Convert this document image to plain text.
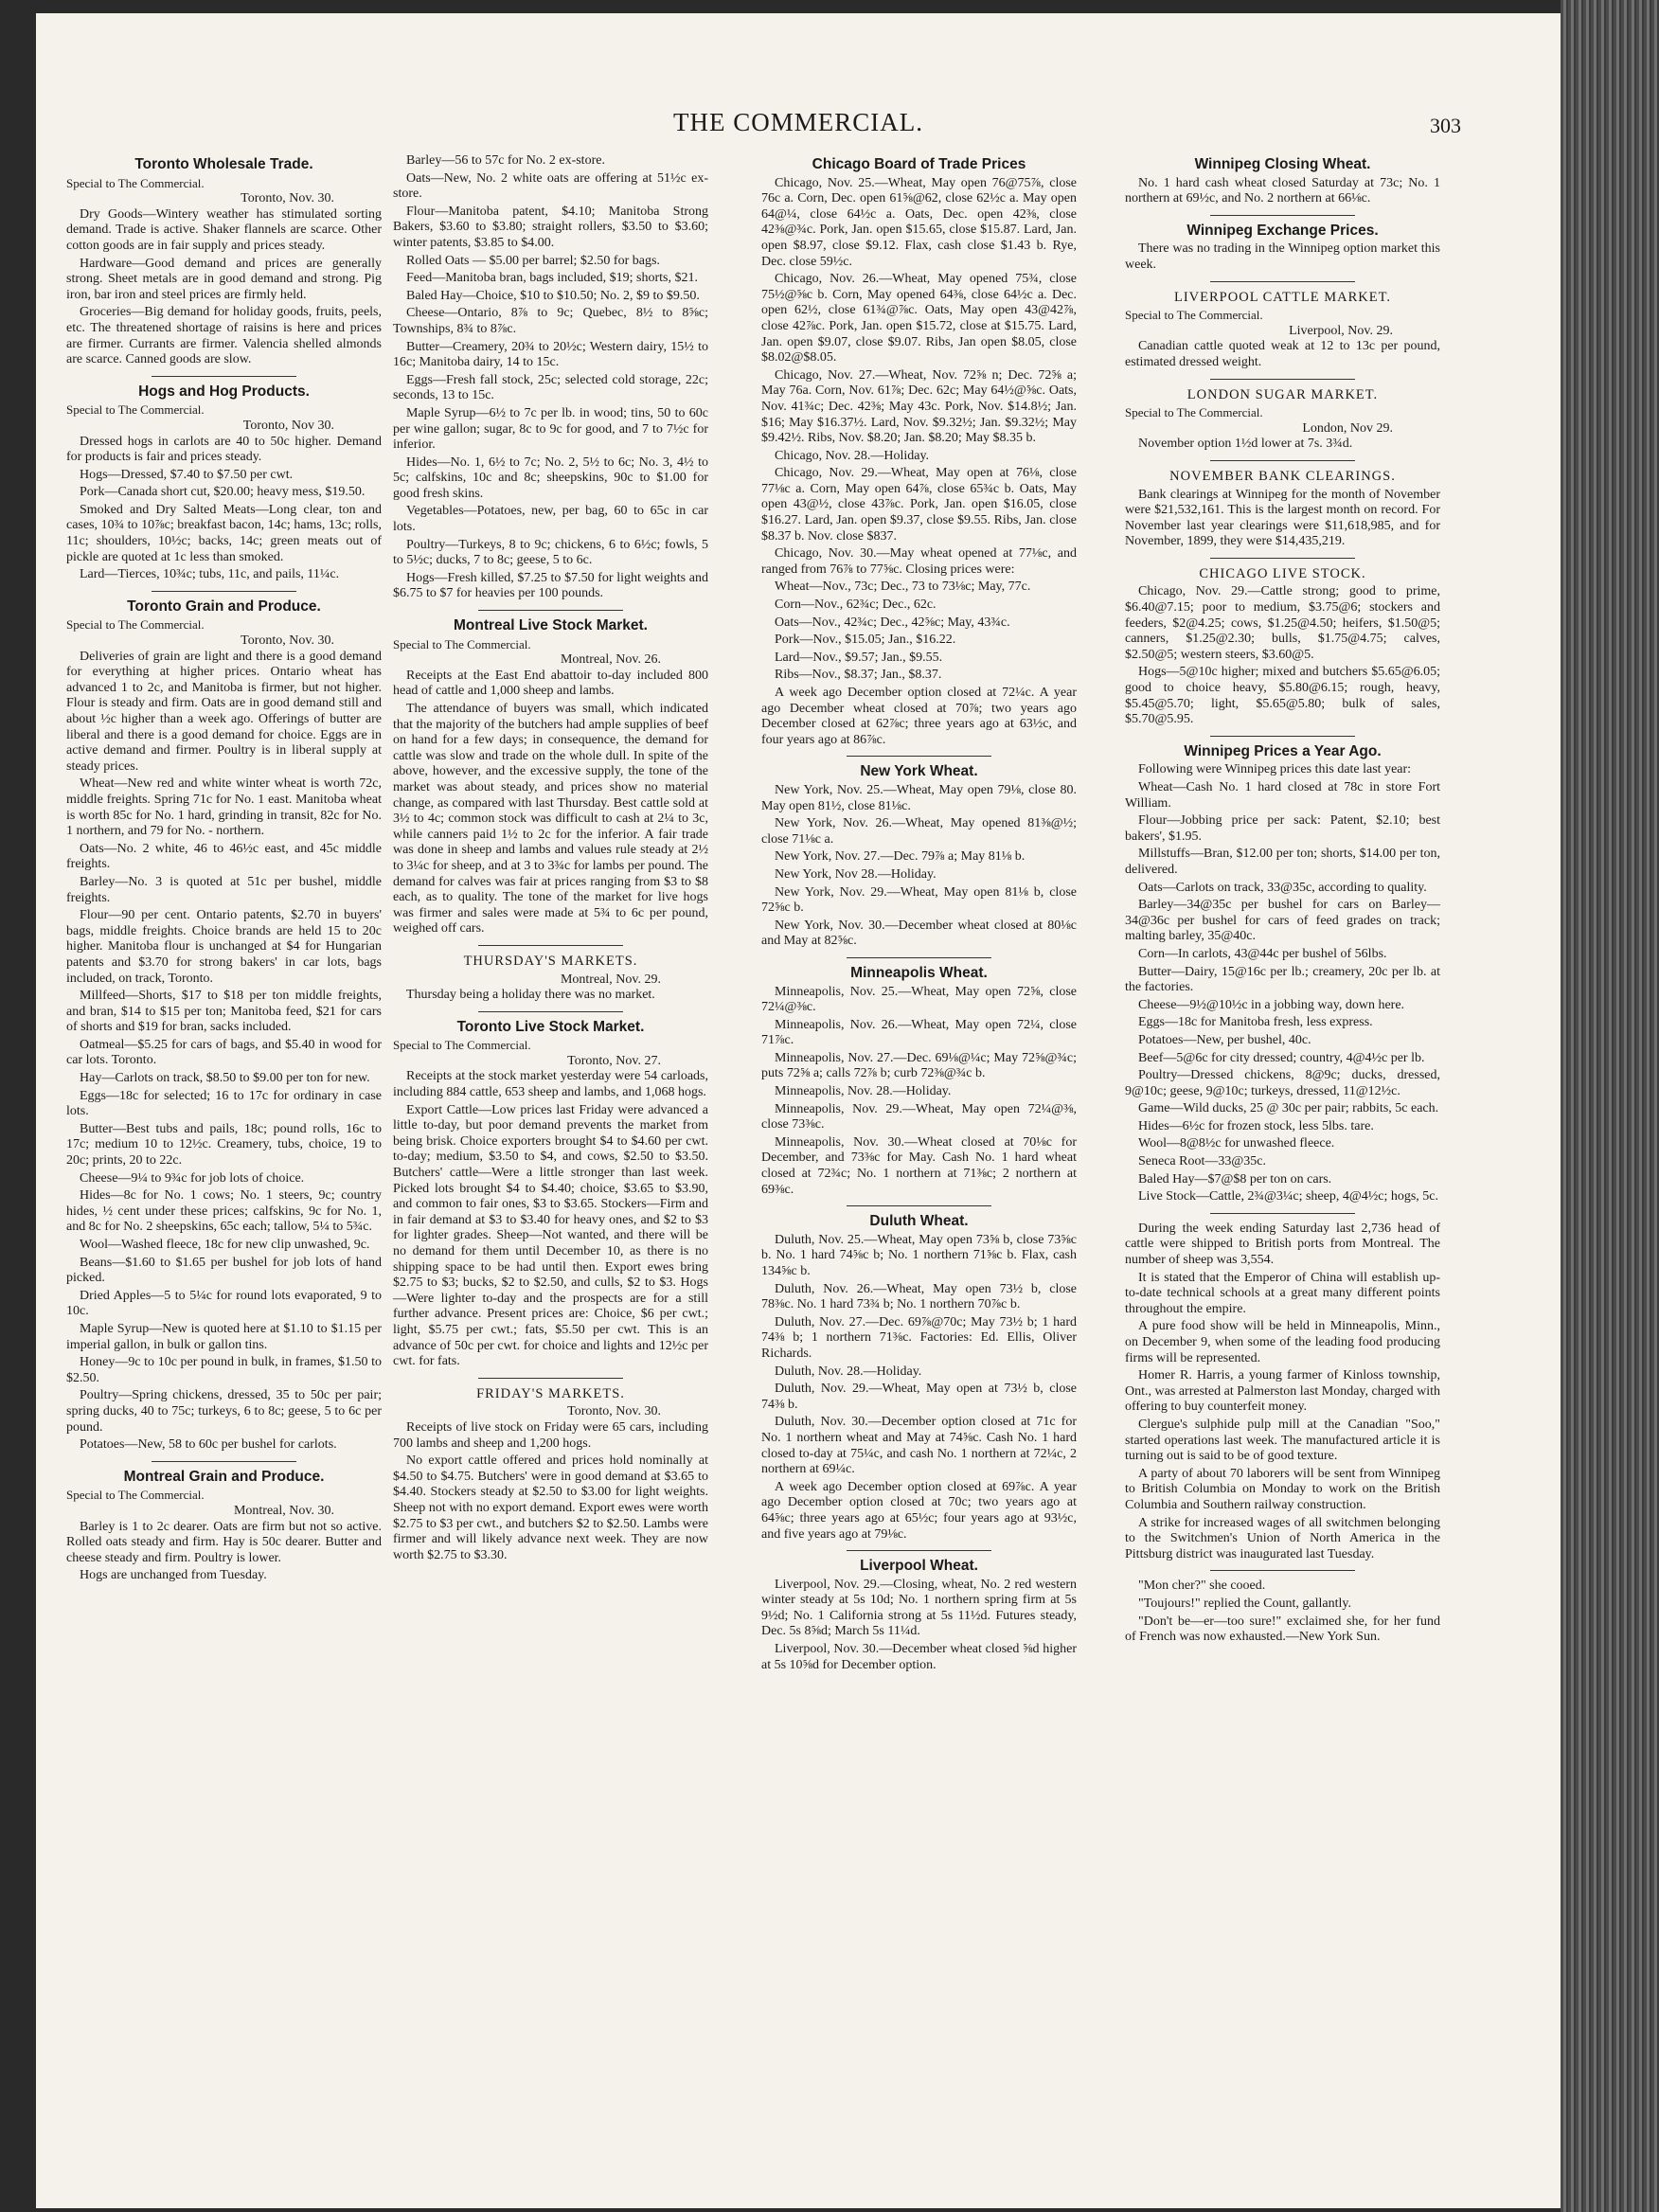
THE COMMERCIAL.	303
Toronto Wholesale Trade.

Special to The Commercial.

Toronto, Nov. 30.

Dry Goods—Wintery weather has stimulated sorting demand. Trade is active. Shaker flannels are scarce. Other cotton goods are in fair supply and prices steady.

Hardware—Good demand and prices are generally strong. Sheet metals are in good demand and strong. Pig iron, bar iron and steel prices are firmly held.

Groceries—Big demand for holiday goods, fruits, peels, etc. The threatened shortage of raisins is here and prices are firmer. Currants are firmer. Valencia shelled almonds are scarce. Canned goods are slow.

Hogs and Hog Products.

Special to The Commercial.

Toronto, Nov 30.

Dressed hogs in carlots are 40 to 50c higher. Demand for products is fair and prices steady.

Hogs—Dressed, $7.40 to $7.50 per cwt.

Pork—Canada short cut, $20.00; heavy mess, $19.50.

Smoked and Dry Salted Meats—Long clear, ton and cases, 10¾ to 10⅞c; breakfast bacon, 14c; hams, 13c; rolls, 11c; shoulders, 10½c; backs, 14c; green meats out of pickle are quoted at 1c less than smoked.

Lard—Tierces, 10¾c; tubs, 11c, and pails, 11¼c.

Toronto Grain and Produce.

Special to The Commercial.

Toronto, Nov. 30.

Deliveries of grain are light and there is a good demand for everything at higher prices. Ontario wheat has advanced 1 to 2c, and Manitoba is firmer, but not higher. Flour is steady and firm. Oats are in good demand still and about ½c higher than a week ago. Offerings of butter are liberal and there is a good demand for choice. Eggs are in active demand and firmer. Poultry is in liberal supply at steady prices.

Wheat—New red and white winter wheat is worth 72c, middle freights. Spring 71c for No. 1 east. Manitoba wheat is worth 85c for No. 1 hard, grinding in transit, 82c for No. 1 northern, and 79 for No. - northern.

Oats—No. 2 white, 46 to 46½c east, and 45c middle freights.

Barley—No. 3 is quoted at 51c per bushel, middle freights.

Flour—90 per cent. Ontario patents, $2.70 in buyers' bags, middle freights. Choice brands are held 15 to 20c higher. Manitoba flour is unchanged at $4 for Hungarian patents and $3.70 for strong bakers' in car lots, bags included, on track, Toronto.

Millfeed—Shorts, $17 to $18 per ton middle freights, and bran, $14 to $15 per ton; Manitoba feed, $21 for cars of shorts and $19 for bran, sacks included.

Oatmeal—$5.25 for cars of bags, and $5.40 in wood for car lots. Toronto.

Hay—Carlots on track, $8.50 to $9.00 per ton for new.

Eggs—18c for selected; 16 to 17c for ordinary in case lots.

Butter—Best tubs and pails, 18c; pound rolls, 16c to 17c; medium 10 to 12½c. Creamery, tubs, choice, 19 to 20c; prints, 20 to 22c.

Cheese—9¼ to 9¾c for job lots of choice.

Hides—8c for No. 1 cows; No. 1 steers, 9c; country hides, ½ cent under these prices; calfskins, 9c for No. 1, and 8c for No. 2 sheepskins, 65c each; tallow, 5¼ to 5¾c.

Wool—Washed fleece, 18c for new clip unwashed, 9c.

Beans—$1.60 to $1.65 per bushel for job lots of hand picked.

Dried Apples—5 to 5¼c for round lots evaporated, 9 to 10c.

Maple Syrup—New is quoted here at $1.10 to $1.15 per imperial gallon, in bulk or gallon tins.

Honey—9c to 10c per pound in bulk, in frames, $1.50 to $2.50.

Poultry—Spring chickens, dressed, 35 to 50c per pair; spring ducks, 40 to 75c; turkeys, 6 to 8c; geese, 5 to 6c per pound.

Potatoes—New, 58 to 60c per bushel for carlots.

Montreal Grain and Produce.

Special to The Commercial.

Montreal, Nov. 30.

Barley is 1 to 2c dearer. Oats are firm but not so active. Rolled oats steady and firm. Hay is 50c dearer. Butter and cheese steady and firm. Poultry is lower.

Hogs are unchanged from Tuesday.

Barley—56 to 57c for No. 2 ex-store.

Oats—New, No. 2 white oats are offering at 51½c ex-store.

Flour—Manitoba patent, $4.10; Manitoba Strong Bakers, $3.60 to $3.80; straight rollers, $3.50 to $3.60; winter patents, $3.85 to $4.00.

Rolled Oats — $5.00 per barrel; $2.50 for bags.

Feed—Manitoba bran, bags included, $19; shorts, $21.

Baled Hay—Choice, $10 to $10.50; No. 2, $9 to $9.50.

Cheese—Ontario, 8⅞ to 9c; Quebec, 8½ to 8⅝c; Townships, 8¾ to 8⅞c.

Butter—Creamery, 20¾ to 20½c; Western dairy, 15½ to 16c; Manitoba dairy, 14 to 15c.

Eggs—Fresh fall stock, 25c; selected cold storage, 22c; seconds, 13 to 15c.

Maple Syrup—6½ to 7c per lb. in wood; tins, 50 to 60c per wine gallon; sugar, 8c to 9c for good, and 7 to 7½c for inferior.

Hides—No. 1, 6½ to 7c; No. 2, 5½ to 6c; No. 3, 4½ to 5c; calfskins, 10c and 8c; sheepskins, 90c to $1.00 for good fresh skins.

Vegetables—Potatoes, new, per bag, 60 to 65c in car lots.

Poultry—Turkeys, 8 to 9c; chickens, 6 to 6½c; fowls, 5 to 5½c; ducks, 7 to 8c; geese, 5 to 6c.

Hogs—Fresh killed, $7.25 to $7.50 for light weights and $6.75 to $7 for heavies per 100 pounds.

Montreal Live Stock Market.

Special to The Commercial.

Montreal, Nov. 26.

Receipts at the East End abattoir to-day included 800 head of cattle and 1,000 sheep and lambs.

The attendance of buyers was small, which indicated that the majority of the butchers had ample supplies of beef on hand for a few days; in consequence, the demand for cattle was slow and trade on the whole dull. In spite of the above, however, and the excessive supply, the tone of the market was about steady, and prices show no material change, as compared with last Thursday. Best cattle sold at 3½ to 4c; common stock was difficult to cash at 2¼ to 3c, while canners paid 1½ to 2c for the inferior. A fair trade was done in sheep and lambs and values rule steady at 2½ to 3¼c for sheep, and at 3 to 3¾c for lambs per pound. The demand for calves was fair at prices ranging from $3 to $8 each, as to quality. The tone of the market for live hogs was firmer and sales were made at 5¾ to 6c per pound, weighed off cars.

THURSDAY'S MARKETS.

Montreal, Nov. 29.

Thursday being a holiday there was no market.

Toronto Live Stock Market.

Special to The Commercial.

Toronto, Nov. 27.

Receipts at the stock market yesterday were 54 carloads, including 884 cattle, 653 sheep and lambs, and 1,068 hogs.

Export Cattle—Low prices last Friday were advanced a little to-day, but poor demand prevents the market from being brisk. Choice exporters brought $4 to $4.60 per cwt. to-day; medium, $3.50 to $4, and cows, $2.50 to $3.50. Butchers' cattle—Were a little stronger than last week. Picked lots brought $4 to $4.40; choice, $3.65 to $3.90, and common to fair ones, $3 to $3.65. Stockers—Firm and in fair demand at $3 to $3.40 for heavy ones, and $2 to $3 for lighter grades. Sheep—Not wanted, and there will be no demand for them until December 10, as there is no shipping space to be had until then. Export ewes bring $2.75 to $3; bucks, $2 to $2.50, and culls, $2 to $3. Hogs—Were lighter to-day and the prospects are for a still further advance. Present prices are: Choice, $6 per cwt.; light, $5.75 per cwt.; fats, $5.50 per cwt. This is an advance of 50c per cwt. for choice and lights and 12½c per cwt. for fats.

FRIDAY'S MARKETS.

Toronto, Nov. 30.

Receipts of live stock on Friday were 65 cars, including 700 lambs and sheep and 1,200 hogs.

No export cattle offered and prices hold nominally at $4.50 to $4.75. Butchers' were in good demand at $3.65 to $4.40. Stockers steady at $2.50 to $3.00 for light weights. Sheep not with no export demand. Export ewes were worth $2.75 to $3 per cwt., and butchers $2 to $2.50. Lambs were firmer and will likely advance next week. They are now worth $2.75 to $3.30.

Chicago Board of Trade Prices

Chicago, Nov. 25.—Wheat, May open 76@75⅞, close 76c a. Corn, Dec. open 61⅝@62, close 62½c a. May open 64@¼, close 64½c a. Oats, Dec. open 42⅜, close 42⅜@¾c. Pork, Jan. open $15.65, close $15.87. Lard, Jan. open $8.97, close $9.12. Flax, cash close $1.43 b. Rye, Dec. close 59½c.

Chicago, Nov. 26.—Wheat, May opened 75¾, close 75½@⅝c b. Corn, May opened 64⅜, close 64½c a. Dec. open 62½, close 61¾@⅞c. Oats, May open 43@42⅞, close 42⅞c. Pork, Jan. open $15.72, close at $15.75. Lard, Jan. open $9.07, close $9.07. Ribs, Jan open $8.05, close $8.02@$8.05.

Chicago, Nov. 27.—Wheat, Nov. 72⅝ n; Dec. 72⅝ a; May 76a. Corn, Nov. 61⅞; Dec. 62c; May 64½@⅝c. Oats, Nov. 41¾c; Dec. 42⅜; May 43c. Pork, Nov. $14.8½; Jan. $16; May $16.37½. Lard, Nov. $9.32½; Jan. $9.32½; May $9.42½. Ribs, Nov. $8.20; Jan. $8.20; May $8.35 b.

Chicago, Nov. 28.—Holiday.

Chicago, Nov. 29.—Wheat, May open at 76⅛, close 77⅛c a. Corn, May open 64⅞, close 65¾c b. Oats, May open 43@½, close 43⅞c. Pork, Jan. open $16.05, close $16.27. Lard, Jan. open $9.37, close $9.55. Ribs, Jan. close $8.37 b. Nov. close $837.

Chicago, Nov. 30.—May wheat opened at 77⅛c, and ranged from 76⅞ to 77⅝c. Closing prices were:

Wheat—Nov., 73c; Dec., 73 to 73⅛c; May, 77c.

Corn—Nov., 62¾c; Dec., 62c.

Oats—Nov., 42¾c; Dec., 42⅝c; May, 43¾c.

Pork—Nov., $15.05; Jan., $16.22.

Lard—Nov., $9.57; Jan., $9.55.

Ribs—Nov., $8.37; Jan., $8.37.

A week ago December option closed at 72¼c. A year ago December wheat closed at 70⅞; two years ago December closed at 62⅞c; three years ago at 63½c, and four years ago at 86⅞c.

New York Wheat.

New York, Nov. 25.—Wheat, May open 79⅛, close 80. May open 81½, close 81⅛c.

New York, Nov. 26.—Wheat, May opened 81⅜@½; close 71⅛c a.

New York, Nov. 27.—Dec. 79⅞ a; May 81⅛ b.

New York, Nov 28.—Holiday.

New York, Nov. 29.—Wheat, May open 81⅛ b, close 72⅝c b.

New York, Nov. 30.—December wheat closed at 80⅛c and May at 82⅝c.

Minneapolis Wheat.

Minneapolis, Nov. 25.—Wheat, May open 72⅝, close 72¼@⅜c.

Minneapolis, Nov. 26.—Wheat, May open 72¼, close 71⅞c.

Minneapolis, Nov. 27.—Dec. 69⅛@¼c; May 72⅝@¾c; puts 72⅝ a; calls 72⅞ b; curb 72⅜@¾c b.

Minneapolis, Nov. 28.—Holiday.

Minneapolis, Nov. 29.—Wheat, May open 72¼@⅜, close 73⅜c.

Minneapolis, Nov. 30.—Wheat closed at 70⅛c for December, and 73⅜c for May. Cash No. 1 hard wheat closed at 72¾c; No. 1 northern at 71⅜c; 2 northern at 69⅜c.

Duluth Wheat.

Duluth, Nov. 25.—Wheat, May open 73⅝ b, close 73⅝c b. No. 1 hard 74⅝c b; No. 1 northern 71⅝c b. Flax, cash 134⅝c b.

Duluth, Nov. 26.—Wheat, May open 73½ b, close 78⅜c. No. 1 hard 73¾ b; No. 1 northern 70⅞c b.

Duluth, Nov. 27.—Dec. 69⅞@70c; May 73½ b; 1 hard 74⅜ b; 1 northern 71⅜c. Factories: Ed. Ellis, Oliver Richards.

Duluth, Nov. 28.—Holiday.

Duluth, Nov. 29.—Wheat, May open at 73½ b, close 74⅜ b.

Duluth, Nov. 30.—December option closed at 71c for No. 1 northern wheat and May at 74⅝c. Cash No. 1 hard closed to-day at 75¼c, and cash No. 1 northern at 72¼c, 2 northern at 69¼c.

A week ago December option closed at 69⅞c. A year ago December option closed at 70c; two years ago at 64⅝c; three years ago at 65½c; four years ago at 93½c, and five years ago at 79⅛c.

Liverpool Wheat.

Liverpool, Nov. 29.—Closing, wheat, No. 2 red western winter steady at 5s 10d; No. 1 northern spring firm at 5s 9½d; No. 1 California strong at 5s 11½d. Futures steady, Dec. 5s 8⅝d; March 5s 11¼d.

Liverpool, Nov. 30.—December wheat closed ⅝d higher at 5s 10⅝d for December option.

Winnipeg Closing Wheat.

No. 1 hard cash wheat closed Saturday at 73c; No. 1 northern at 69½c, and No. 2 northern at 66⅛c.

Winnipeg Exchange Prices.

There was no trading in the Winnipeg option market this week.

LIVERPOOL CATTLE MARKET.

Special to The Commercial.

Liverpool, Nov. 29.

Canadian cattle quoted weak at 12 to 13c per pound, estimated dressed weight.

LONDON SUGAR MARKET.

Special to The Commercial.

London, Nov 29.

November option 1½d lower at 7s. 3¾d.

NOVEMBER BANK CLEARINGS.

Bank clearings at Winnipeg for the month of November were $21,532,161. This is the largest month on record. For November last year clearings were $11,618,985, and for November, 1899, they were $14,435,219.

CHICAGO LIVE STOCK.

Chicago, Nov. 29.—Cattle strong; good to prime, $6.40@7.15; poor to medium, $3.75@6; stockers and feeders, $2@4.25; cows, $1.25@4.50; heifers, $1.50@5; canners, $1.25@2.30; bulls, $1.75@4.75; calves, $2.50@5; western steers, $3.60@5.

Hogs—5@10c higher; mixed and butchers $5.65@6.05; good to choice heavy, $5.80@6.15; rough, heavy, $5.45@5.70; light, $5.65@5.80; bulk of sales, $5.70@5.95.

Winnipeg Prices a Year Ago.

Following were Winnipeg prices this date last year:

Wheat—Cash No. 1 hard closed at 78c in store Fort William.

Flour—Jobbing price per sack: Patent, $2.10; best bakers', $1.95.

Millstuffs—Bran, $12.00 per ton; shorts, $14.00 per ton, delivered.

Oats—Carlots on track, 33@35c, according to quality.

Barley—34@35c per bushel for cars on Barley—34@36c per bushel for cars of feed grades on track; malting barley, 35@40c.

Corn—In carlots, 43@44c per bushel of 56lbs.

Butter—Dairy, 15@16c per lb.; creamery, 20c per lb. at the factories.

Cheese—9½@10½c in a jobbing way, down here.

Eggs—18c for Manitoba fresh, less express.

Potatoes—New, per bushel, 40c.

Beef—5@6c for city dressed; country, 4@4½c per lb.

Poultry—Dressed chickens, 8@9c; ducks, dressed, 9@10c; geese, 9@10c; turkeys, dressed, 11@12½c.

Game—Wild ducks, 25 @ 30c per pair; rabbits, 5c each.

Hides—6½c for frozen stock, less 5lbs. tare.

Wool—8@8½c for unwashed fleece.

Seneca Root—33@35c.

Baled Hay—$7@$8 per ton on cars.

Live Stock—Cattle, 2¾@3¼c; sheep, 4@4½c; hogs, 5c.

During the week ending Saturday last 2,736 head of cattle were shipped to British ports from Montreal. The number of sheep was 3,554.

It is stated that the Emperor of China will establish up-to-date technical schools at a great many different points throughout the empire.

A pure food show will be held in Minneapolis, Minn., on December 9, when some of the leading food producing firms will be represented.

Homer R. Harris, a young farmer of Kinloss township, Ont., was arrested at Palmerston last Monday, charged with offering to buy counterfeit money.

Clergue's sulphide pulp mill at the Canadian "Soo," started operations last week. The manufactured article it is turning out is said to be of good texture.

A party of about 70 laborers will be sent from Winnipeg to British Columbia on Monday to work on the British Columbia and Southern railway construction.

A strike for increased wages of all switchmen belonging to the Switchmen's Union of North America in the Pittsburg district was inaugurated last Tuesday.

"Mon cher?" she cooed.

"Toujours!" replied the Count, gallantly.

"Don't be—er—too sure!" exclaimed she, for her fund of French was now exhausted.—New York Sun.
